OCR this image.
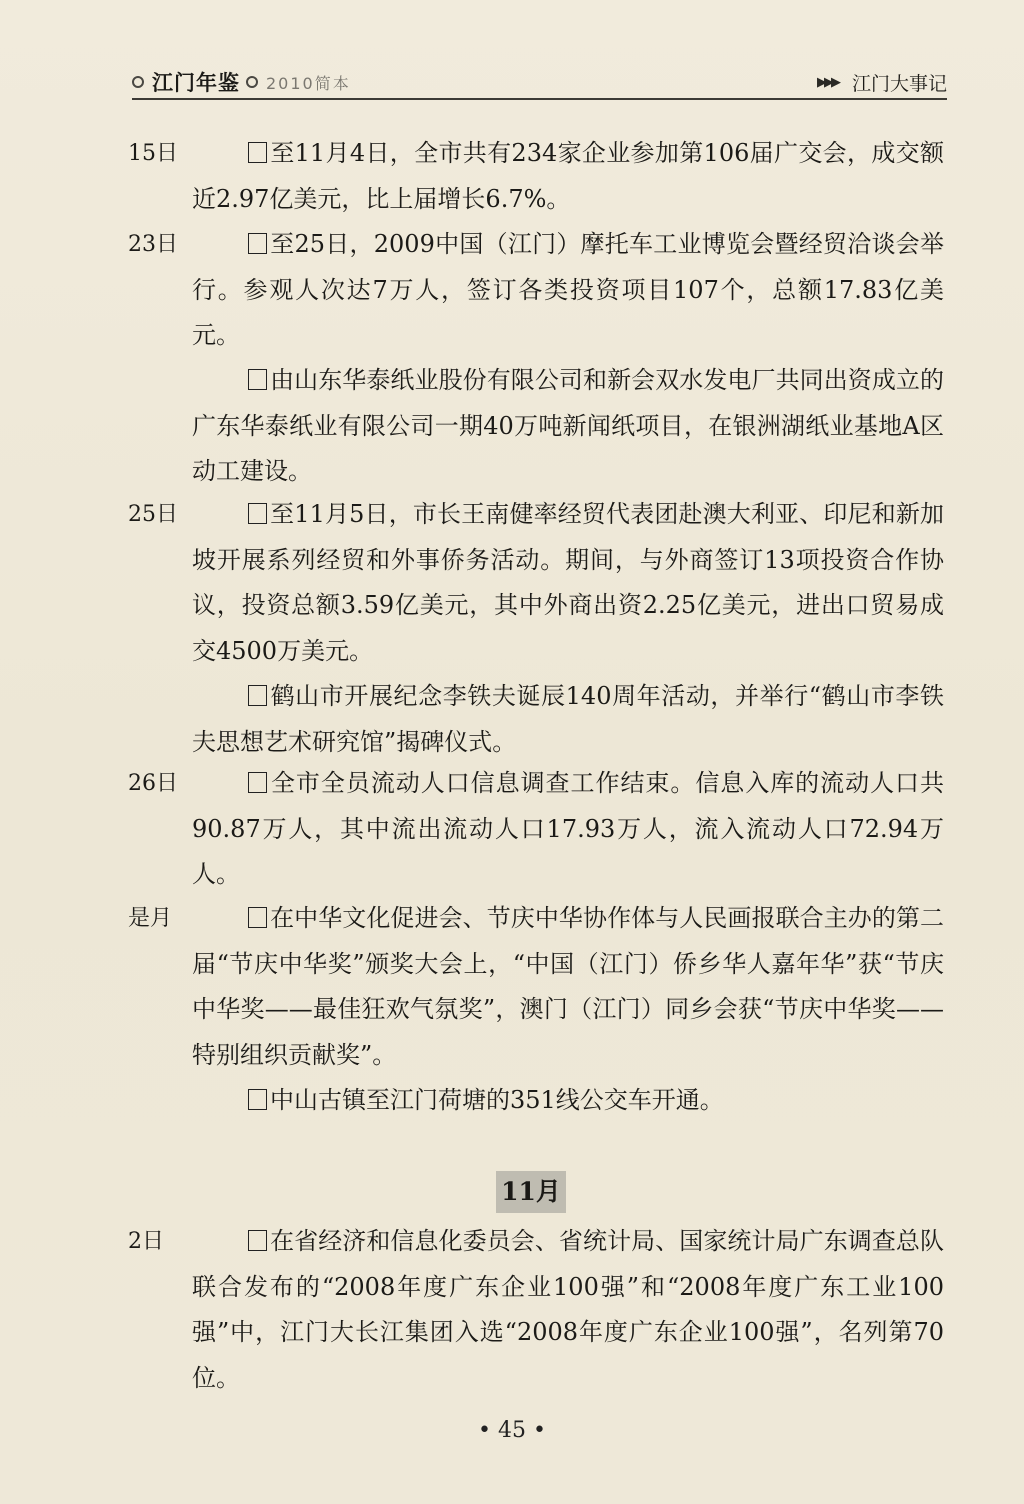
江门年鉴 2010简本	▶▶▶ 江门大事记
15日	至11月4日，全市共有234家企业参加第106届广交会，成交额近2.97亿美元，比上届增长6.7%。

23日	至25日，2009中国（江门）摩托车工业博览会暨经贸洽谈会举行。参观人次达7万人，签订各类投资项目107个，总额17.83亿美元。

由山东华泰纸业股份有限公司和新会双水发电厂共同出资成立的广东华泰纸业有限公司一期40万吨新闻纸项目，在银洲湖纸业基地A区动工建设。

25日	至11月5日，市长王南健率经贸代表团赴澳大利亚、印尼和新加坡开展系列经贸和外事侨务活动。期间，与外商签订13项投资合作协议，投资总额3.59亿美元，其中外商出资2.25亿美元，进出口贸易成交4500万美元。

鹤山市开展纪念李铁夫诞辰140周年活动，并举行“鹤山市李铁夫思想艺术研究馆”揭碑仪式。

26日	全市全员流动人口信息调查工作结束。信息入库的流动人口共90.87万人，其中流出流动人口17.93万人，流入流动人口72.94万人。

是月	在中华文化促进会、节庆中华协作体与人民画报联合主办的第二届“节庆中华奖”颁奖大会上，“中国（江门）侨乡华人嘉年华”获“节庆中华奖——最佳狂欢气氛奖”，澳门（江门）同乡会获“节庆中华奖——特别组织贡献奖”。

中山古镇至江门荷塘的351线公交车开通。

11月
2日	在省经济和信息化委员会、省统计局、国家统计局广东调查总队联合发布的“2008年度广东企业100强”和“2008年度广东工业100强”中，江门大长江集团入选“2008年度广东企业100强”，名列第70位。

• 45 •
